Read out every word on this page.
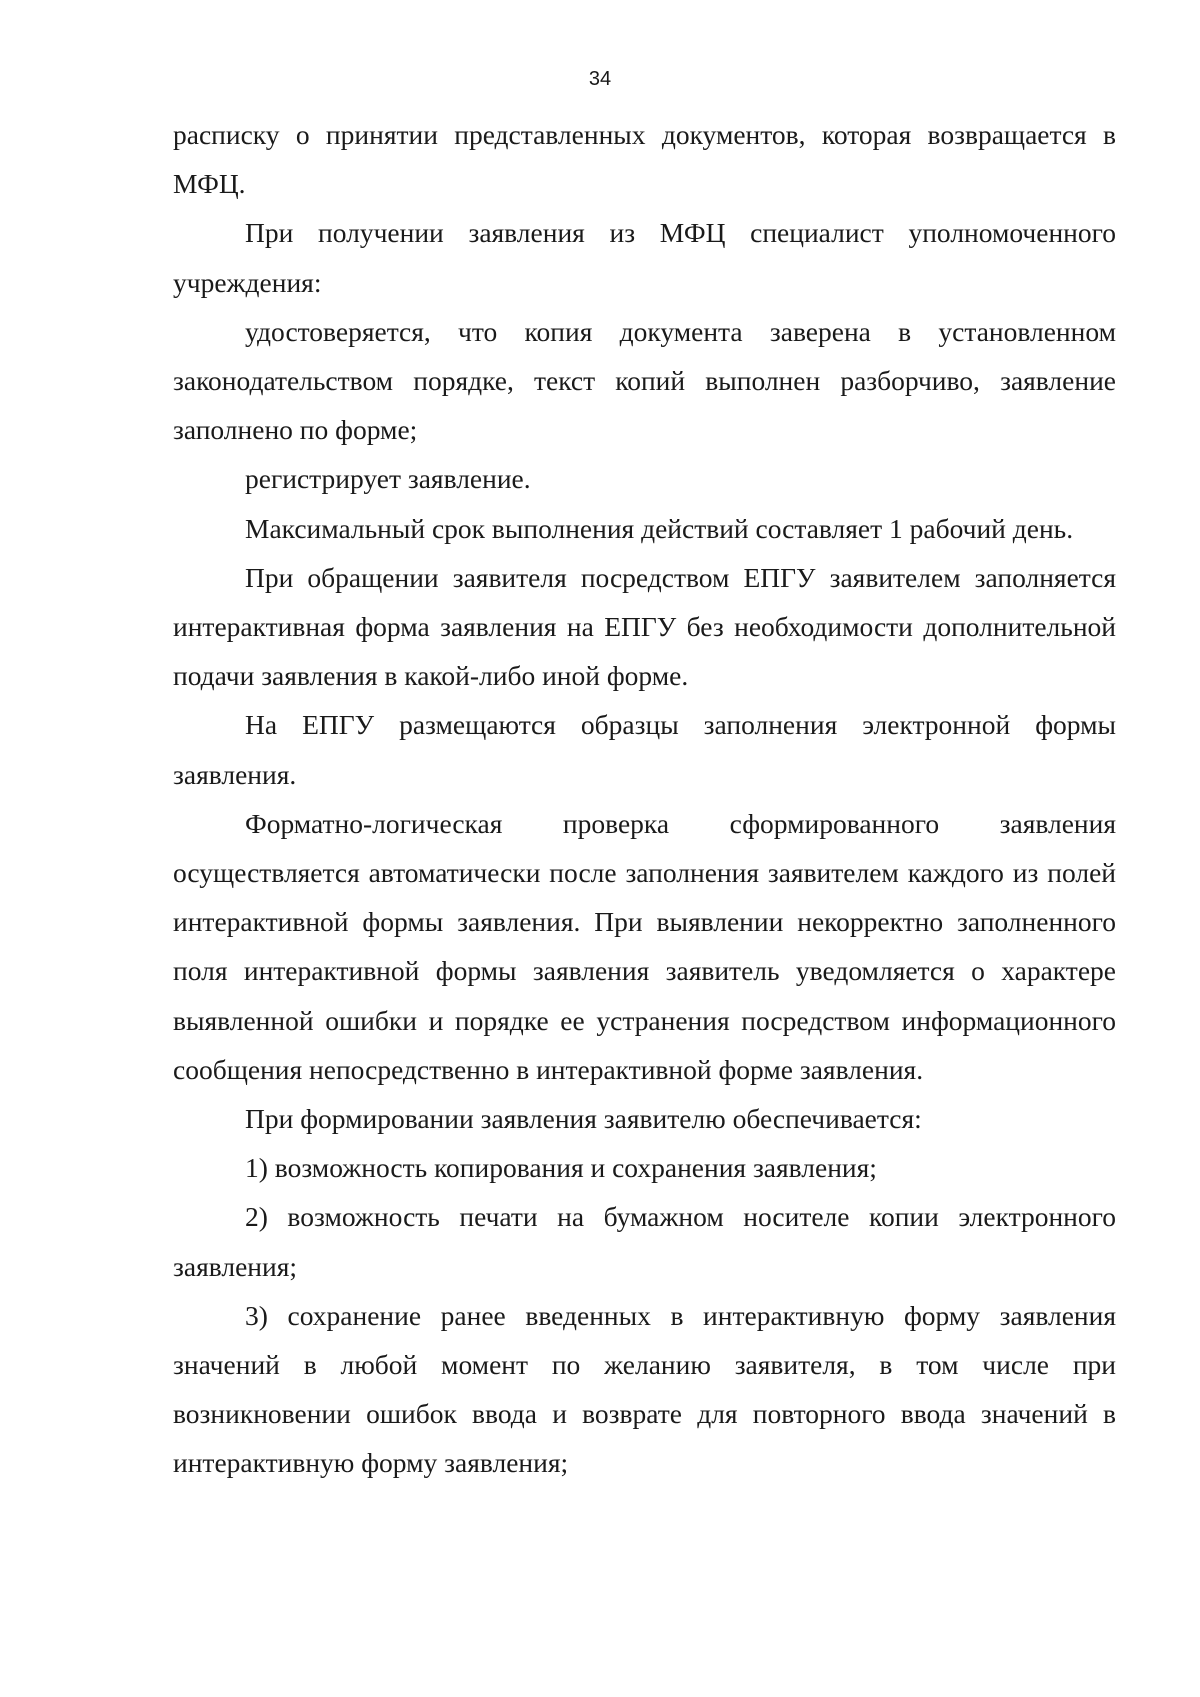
34

расписку о принятии представленных документов, которая возвращается в МФЦ.

При получении заявления из МФЦ специалист уполномоченного учреждения:

удостоверяется, что копия документа заверена в установленном законодательством порядке, текст копий выполнен разборчиво, заявление заполнено по форме;

регистрирует заявление.

Максимальный срок выполнения действий составляет 1 рабочий день.

При обращении заявителя посредством ЕПГУ заявителем заполняется интерактивная форма заявления на ЕПГУ без необходимости дополнительной подачи заявления в какой-либо иной форме.

На ЕПГУ размещаются образцы заполнения электронной формы заявления.

Форматно-логическая проверка сформированного заявления осуществляется автоматически после заполнения заявителем каждого из полей интерактивной формы заявления. При выявлении некорректно заполненного поля интерактивной формы заявления заявитель уведомляется о характере выявленной ошибки и порядке ее устранения посредством информационного сообщения непосредственно в интерактивной форме заявления.

При формировании заявления заявителю обеспечивается:

1) возможность копирования и сохранения заявления;

2) возможность печати на бумажном носителе копии электронного заявления;

3) сохранение ранее введенных в интерактивную форму заявления значений в любой момент по желанию заявителя, в том числе при возникновении ошибок ввода и возврате для повторного ввода значений в интерактивную форму заявления;
